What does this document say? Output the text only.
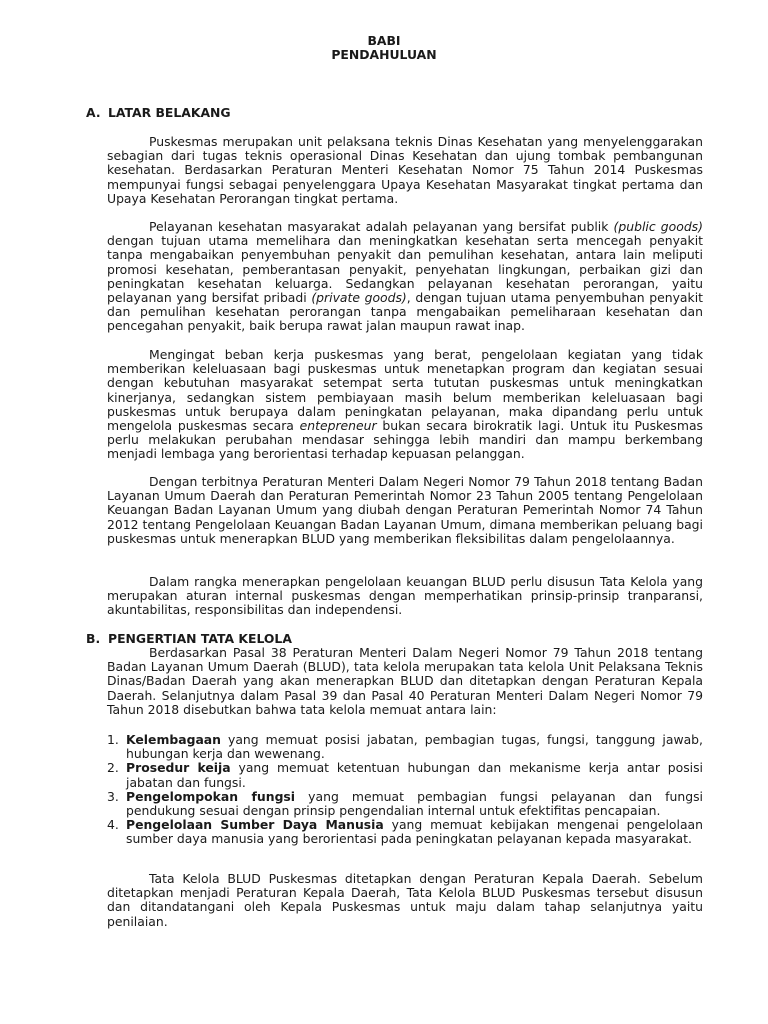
BABI
PENDAHULUAN
A. LATAR BELAKANG
Puskesmas merupakan unit pelaksana teknis Dinas Kesehatan yang menyelenggarakan sebagian dari tugas teknis operasional Dinas Kesehatan dan ujung tombak pembangunan kesehatan. Berdasarkan Peraturan Menteri Kesehatan Nomor 75 Tahun 2014 Puskesmas mempunyai fungsi sebagai penyelenggara Upaya Kesehatan Masyarakat tingkat pertama dan Upaya Kesehatan Perorangan tingkat pertama.
Pelayanan kesehatan masyarakat adalah pelayanan yang bersifat publik (public goods) dengan tujuan utama memelihara dan meningkatkan kesehatan serta mencegah penyakit tanpa mengabaikan penyembuhan penyakit dan pemulihan kesehatan, antara lain meliputi promosi kesehatan, pemberantasan penyakit, penyehatan lingkungan, perbaikan gizi dan peningkatan kesehatan keluarga. Sedangkan pelayanan kesehatan perorangan, yaitu pelayanan yang bersifat pribadi (private goods), dengan tujuan utama penyembuhan penyakit dan pemulihan kesehatan perorangan tanpa mengabaikan pemeliharaan kesehatan dan pencegahan penyakit, baik berupa rawat jalan maupun rawat inap.
Mengingat beban kerja puskesmas yang berat, pengelolaan kegiatan yang tidak memberikan keleluasaan bagi puskesmas untuk menetapkan program dan kegiatan sesuai dengan kebutuhan masyarakat setempat serta tututan puskesmas untuk meningkatkan kinerjanya, sedangkan sistem pembiayaan masih belum memberikan keleluasaan bagi puskesmas untuk berupaya dalam peningkatan pelayanan, maka dipandang perlu untuk mengelola puskesmas secara entepreneur bukan secara birokratik lagi. Untuk itu Puskesmas perlu melakukan perubahan mendasar sehingga lebih mandiri dan mampu berkembang menjadi lembaga yang berorientasi terhadap kepuasan pelanggan.
Dengan terbitnya Peraturan Menteri Dalam Negeri Nomor 79 Tahun 2018 tentang Badan Layanan Umum Daerah dan Peraturan Pemerintah Nomor 23 Tahun 2005 tentang Pengelolaan Keuangan Badan Layanan Umum yang diubah dengan Peraturan Pemerintah Nomor 74 Tahun 2012 tentang Pengelolaan Keuangan Badan Layanan Umum, dimana memberikan peluang bagi puskesmas untuk menerapkan BLUD yang memberikan fleksibilitas dalam pengelolaannya.
Dalam rangka menerapkan pengelolaan keuangan BLUD perlu disusun Tata Kelola yang merupakan aturan internal puskesmas dengan memperhatikan prinsip-prinsip tranparansi, akuntabilitas, responsibilitas dan independensi.
B. PENGERTIAN TATA KELOLA
Berdasarkan Pasal 38 Peraturan Menteri Dalam Negeri Nomor 79 Tahun 2018 tentang Badan Layanan Umum Daerah (BLUD), tata kelola merupakan tata kelola Unit Pelaksana Teknis Dinas/Badan Daerah yang akan menerapkan BLUD dan ditetapkan dengan Peraturan Kepala Daerah. Selanjutnya dalam Pasal 39 dan Pasal 40 Peraturan Menteri Dalam Negeri Nomor 79 Tahun 2018 disebutkan bahwa tata kelola memuat antara lain:
1. Kelembagaan yang memuat posisi jabatan, pembagian tugas, fungsi, tanggung jawab, hubungan kerja dan wewenang.
2. Prosedur keija yang memuat ketentuan hubungan dan mekanisme kerja antar posisi jabatan dan fungsi.
3. Pengelompokan fungsi yang memuat pembagian fungsi pelayanan dan fungsi pendukung sesuai dengan prinsip pengendalian internal untuk efektifitas pencapaian.
4. Pengelolaan Sumber Daya Manusia yang memuat kebijakan mengenai pengelolaan sumber daya manusia yang berorientasi pada peningkatan pelayanan kepada masyarakat.
Tata Kelola BLUD Puskesmas ditetapkan dengan Peraturan Kepala Daerah. Sebelum ditetapkan menjadi Peraturan Kepala Daerah, Tata Kelola BLUD Puskesmas tersebut disusun dan ditandatangani oleh Kepala Puskesmas untuk maju dalam tahap selanjutnya yaitu penilaian.
